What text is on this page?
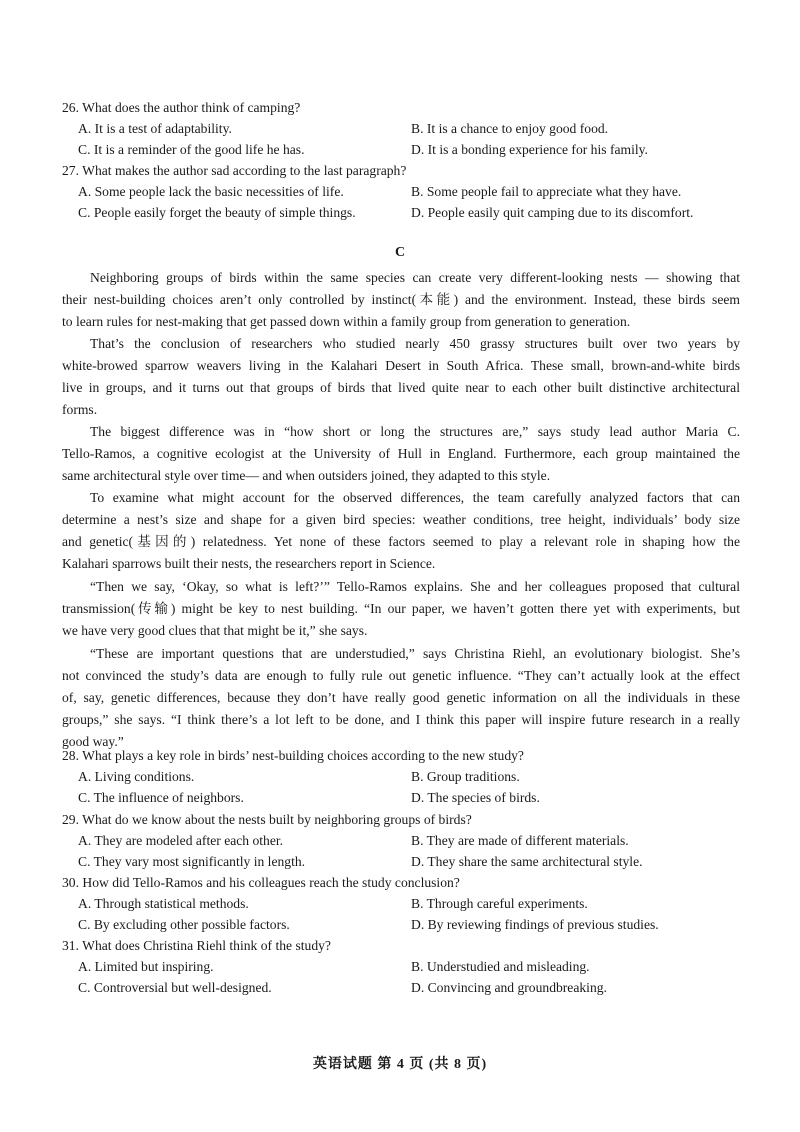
C
英语试题 第 4 页 (共 8 页)
26. What does the author think of camping?
A. It is a test of adaptability.	B. It is a chance to enjoy good food.
C. It is a reminder of the good life he has.	D. It is a bonding experience for his family.
27. What makes the author sad according to the last paragraph?
A. Some people lack the basic necessities of life.	B. Some people fail to appreciate what they have.
C. People easily forget the beauty of simple things.	D. People easily quit camping due to its discomfort.
Neighboring groups of birds within the same species can create very different-looking nests — showing that
their nest-building choices aren’t only controlled by instinct(本能) and the environment. Instead, these birds seem
to learn rules for nest-making that get passed down within a family group from generation to generation.
That’s the conclusion of researchers who studied nearly 450 grassy structures built over two years by
white-browed sparrow weavers living in the Kalahari Desert in South Africa. These small, brown-and-white birds
live in groups, and it turns out that groups of birds that lived quite near to each other built distinctive architectural
forms.
The biggest difference was in “how short or long the structures are,” says study lead author Maria C.
Tello-Ramos, a cognitive ecologist at the University of Hull in England. Furthermore, each group maintained the
same architectural style over time— and when outsiders joined, they adapted to this style.
To examine what might account for the observed differences, the team carefully analyzed factors that can
determine a nest’s size and shape for a given bird species: weather conditions, tree height, individuals’ body size
and genetic(基因的) relatedness. Yet none of these factors seemed to play a relevant role in shaping how the
Kalahari sparrows built their nests, the researchers report in Science.
“Then we say, ‘Okay, so what is left?’” Tello-Ramos explains. She and her colleagues proposed that cultural
transmission(传输) might be key to nest building. “In our paper, we haven’t gotten there yet with experiments, but
we have very good clues that that might be it,” she says.
“These are important questions that are understudied,” says Christina Riehl, an evolutionary biologist. She’s
not convinced the study’s data are enough to fully rule out genetic influence. “They can’t actually look at the effect
of, say, genetic differences, because they don’t have really good genetic information on all the individuals in these
groups,” she says. “I think there’s a lot left to be done, and I think this paper will inspire future research in a really
good way.”
28. What plays a key role in birds’ nest-building choices according to the new study?
A. Living conditions.	B. Group traditions.
C. The influence of neighbors.	D. The species of birds.
29. What do we know about the nests built by neighboring groups of birds?
A. They are modeled after each other.	B. They are made of different materials.
C. They vary most significantly in length.	D. They share the same architectural style.
30. How did Tello-Ramos and his colleagues reach the study conclusion?
A. Through statistical methods.	B. Through careful experiments.
C. By excluding other possible factors.	D. By reviewing findings of previous studies.
31. What does Christina Riehl think of the study?
A. Limited but inspiring.	B. Understudied and misleading.
C. Controversial but well-designed.	D. Convincing and groundbreaking.
